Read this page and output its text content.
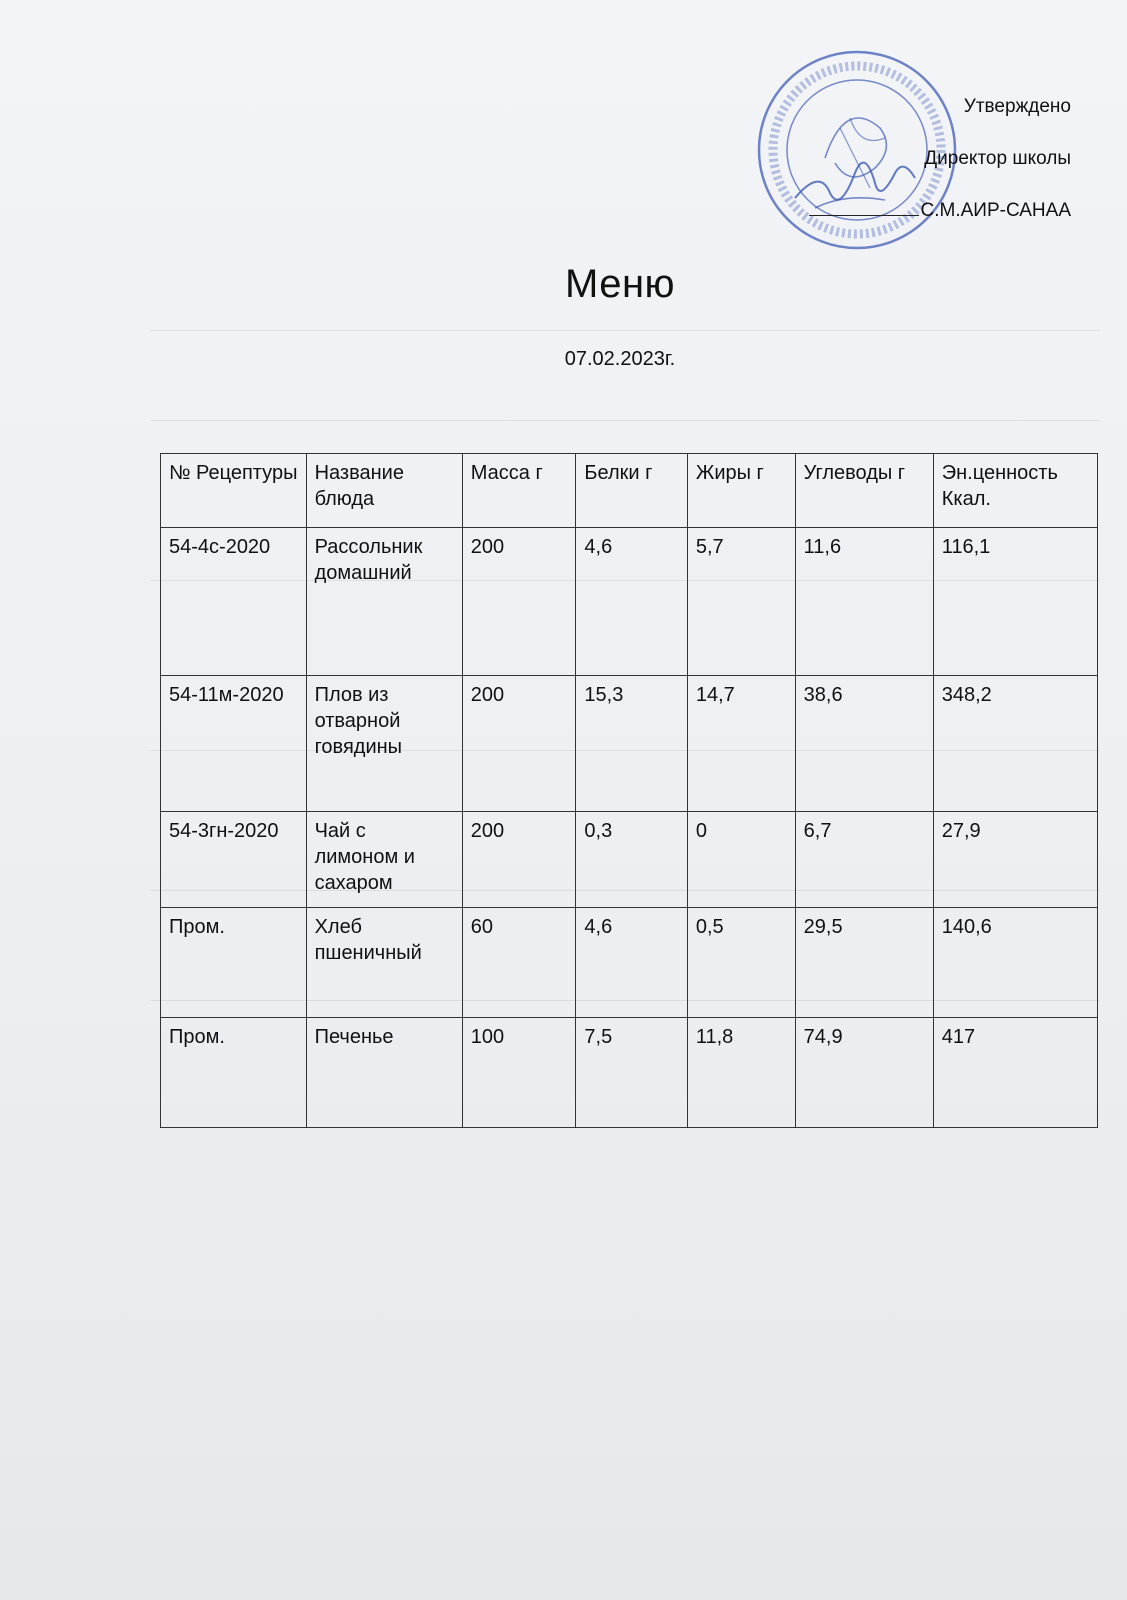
Утверждено
Директор школы
С.М.АИР-САНАА
Меню
07.02.2023г.
№ Рецептуры	Название блюда	Масса г	Белки г	Жиры г	Углеводы г	Эн.ценность Ккал.
54-4с-2020	Рассольник домашний	200	4,6	5,7	11,6	116,1
54-11м-2020	Плов из отварной говядины	200	15,3	14,7	38,6	348,2
54-3гн-2020	Чай с лимоном и сахаром	200	0,3	0	6,7	27,9
Пром.	Хлеб пшеничный	60	4,6	0,5	29,5	140,6
Пром.	Печенье	100	7,5	11,8	74,9	417
